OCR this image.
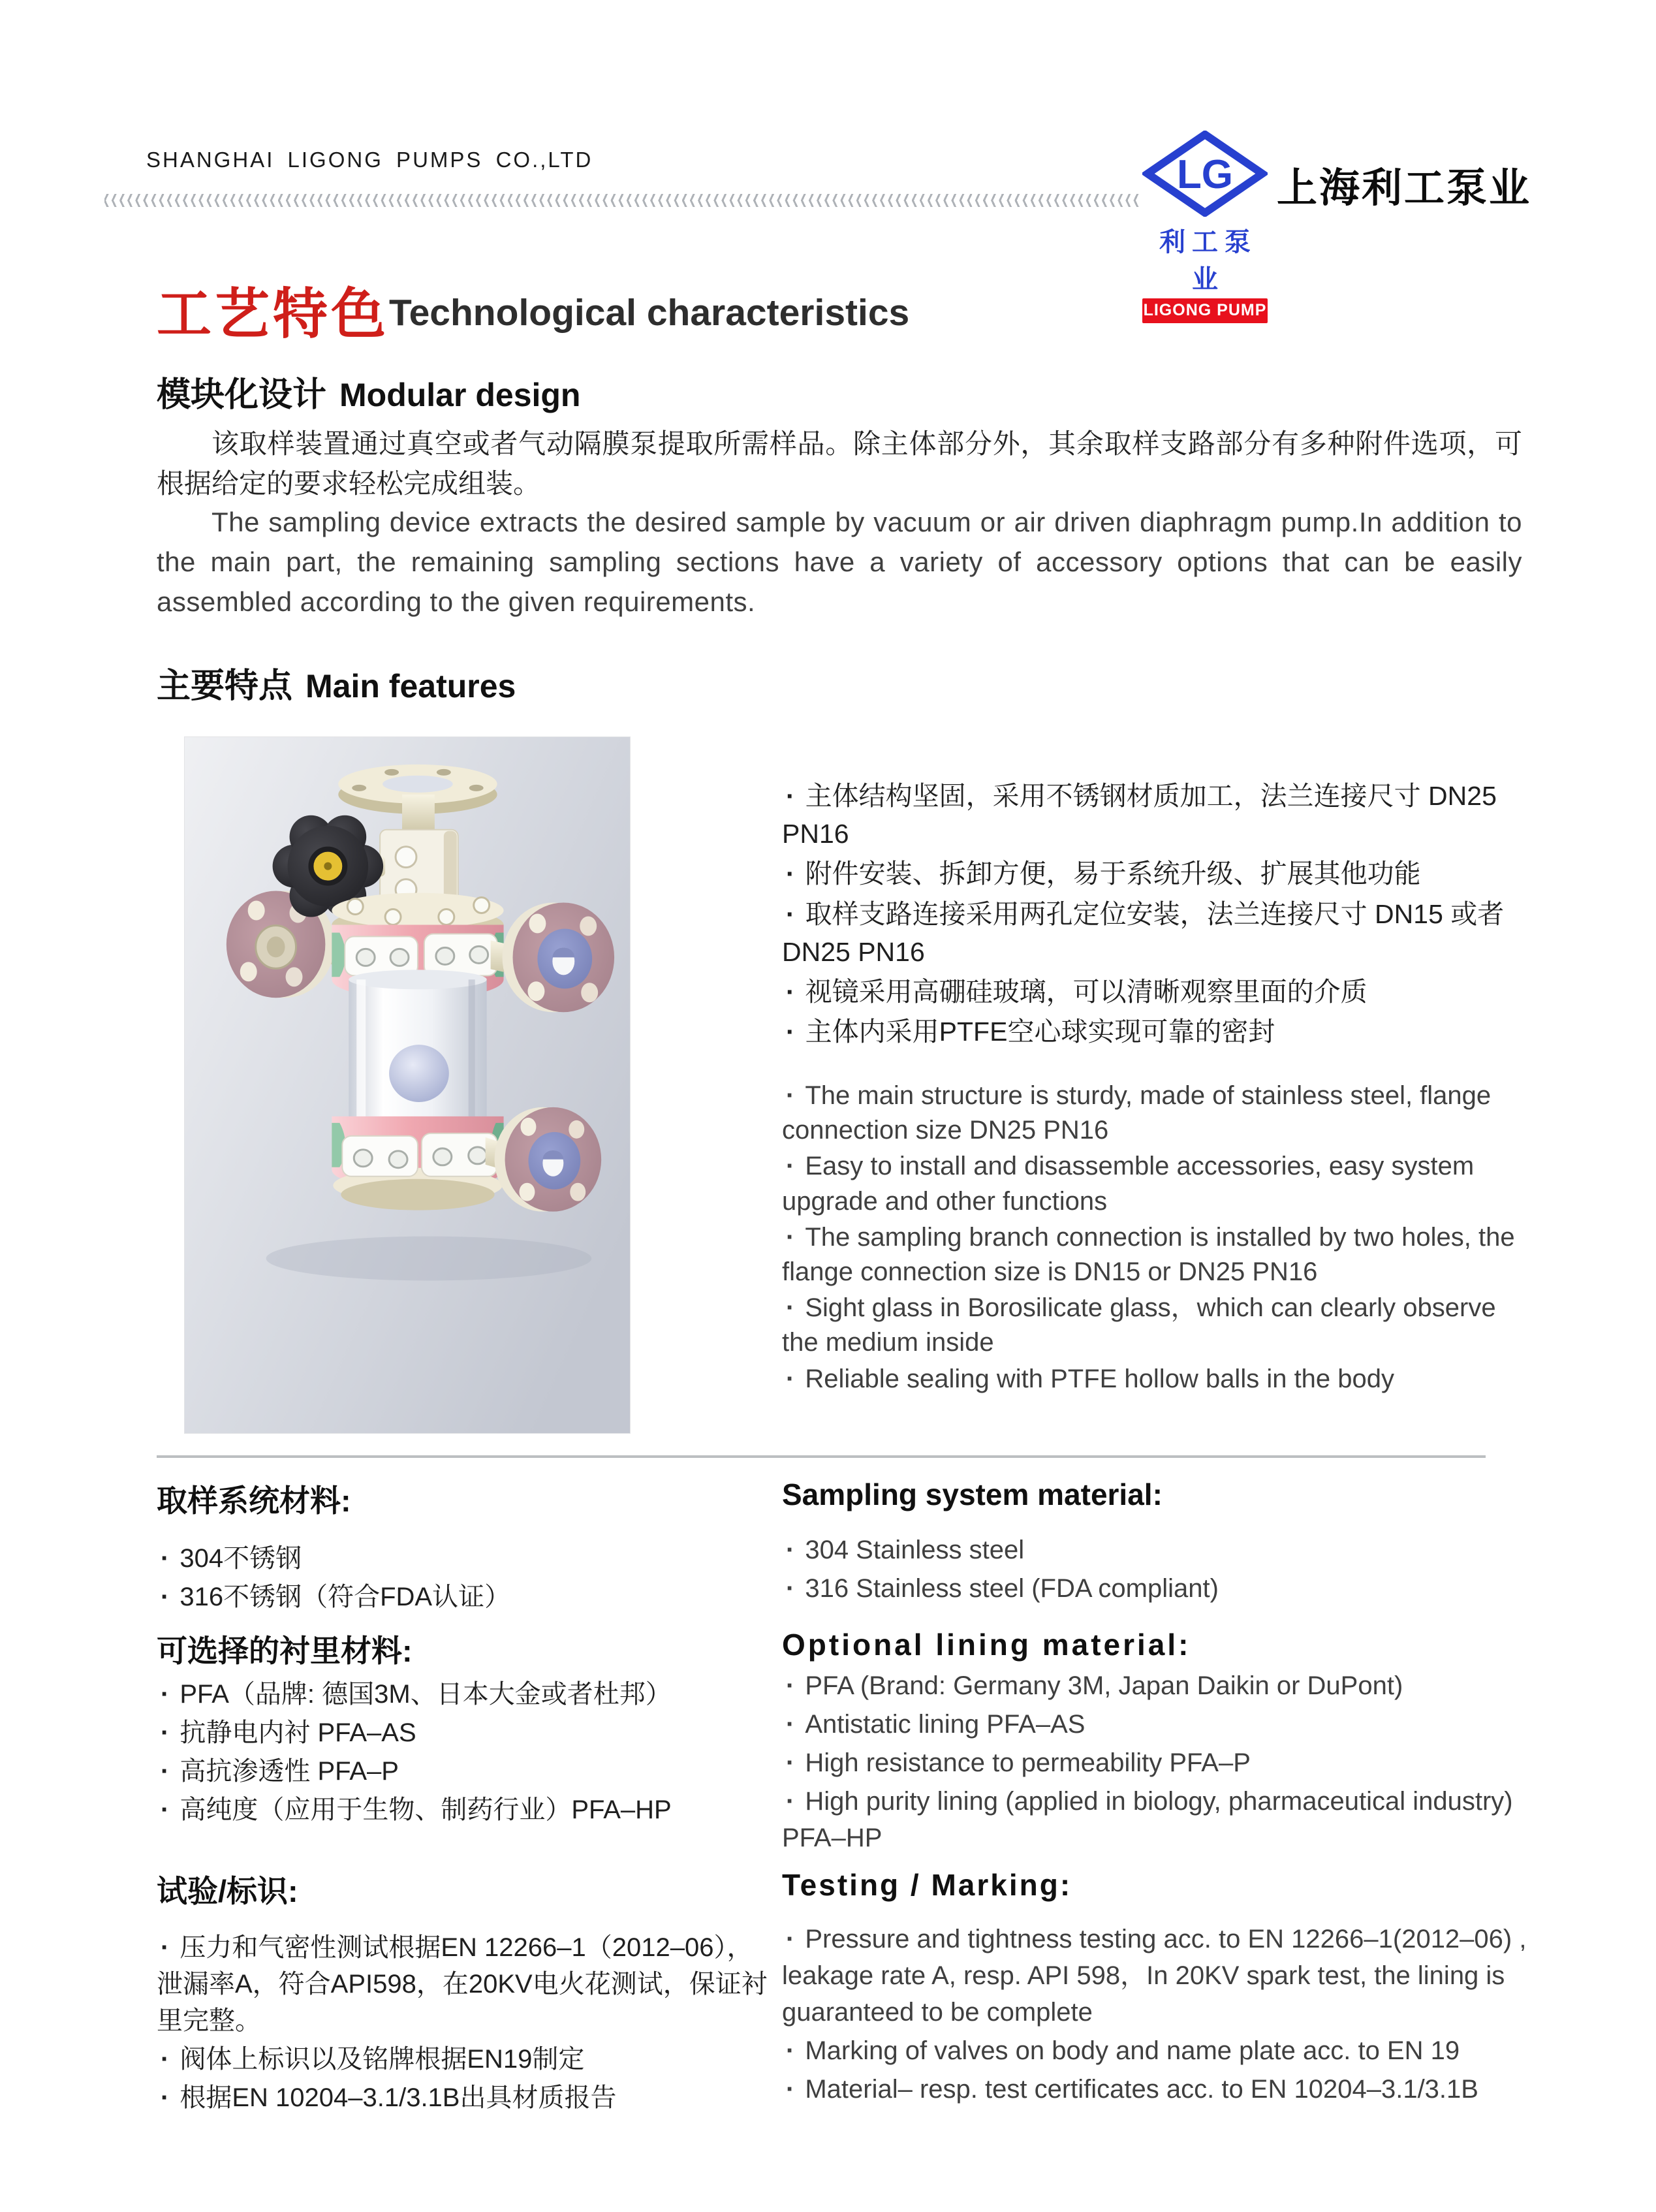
SHANGHAI LIGONG PUMPS CO.,LTD	LG
利工泵业
LIGONG PUMP
上海利工泵业
工艺特色 Technological characteristics
模块化设计 Modular design
该取样装置通过真空或者气动隔膜泵提取所需样品。除主体部分外，其余取样支路部分有多种附件选项，可根据给定的要求轻松完成组装。
The sampling device extracts the desired sample by vacuum or air driven diaphragm pump.In addition to the main part, the remaining sampling sections have a variety of accessory options that can be easily assembled according to the given requirements.
主要特点 Main features
· 主体结构坚固，采用不锈钢材质加工，法兰连接尺寸 DN25 PN16
· 附件安装、拆卸方便，易于系统升级、扩展其他功能
· 取样支路连接采用两孔定位安装，法兰连接尺寸 DN15 或者 DN25 PN16
· 视镜采用高硼硅玻璃，可以清晰观察里面的介质
· 主体内采用PTFE空心球实现可靠的密封
· The main structure is sturdy, made of stainless steel, flange connection size DN25 PN16
· Easy to install and disassemble accessories, easy system upgrade and other functions
· The sampling branch connection is installed by two holes, the flange connection size is DN15 or DN25 PN16
· Sight glass in Borosilicate glass，which can clearly observe the medium inside
· Reliable sealing with PTFE hollow balls in the body
取样系统材料:
· 304不锈钢
· 316不锈钢（符合FDA认证）
Sampling system material:
· 304 Stainless steel
· 316 Stainless steel (FDA compliant)
可选择的衬里材料:
· PFA（品牌: 德国3M、日本大金或者杜邦）
· 抗静电内衬 PFA–AS
· 高抗渗透性 PFA–P
· 高纯度（应用于生物、制药行业）PFA–HP
Optional lining material:
· PFA (Brand: Germany 3M, Japan Daikin or DuPont)
· Antistatic lining PFA–AS
· High resistance to permeability PFA–P
· High purity lining (applied in biology, pharmaceutical industry) PFA–HP
试验/标识:
· 压力和气密性测试根据EN 12266–1（2012–06），泄漏率A，符合API598，在20KV电火花测试，保证衬里完整。
· 阀体上标识以及铭牌根据EN19制定
· 根据EN 10204–3.1/3.1B出具材质报告
Testing / Marking:
· Pressure and tightness testing acc. to EN 12266–1(2012–06) , leakage rate A, resp. API 598，In 20KV spark test, the lining is guaranteed to be complete
· Marking of valves on body and name plate acc. to EN 19
· Material– resp. test certificates acc. to EN 10204–3.1/3.1B
